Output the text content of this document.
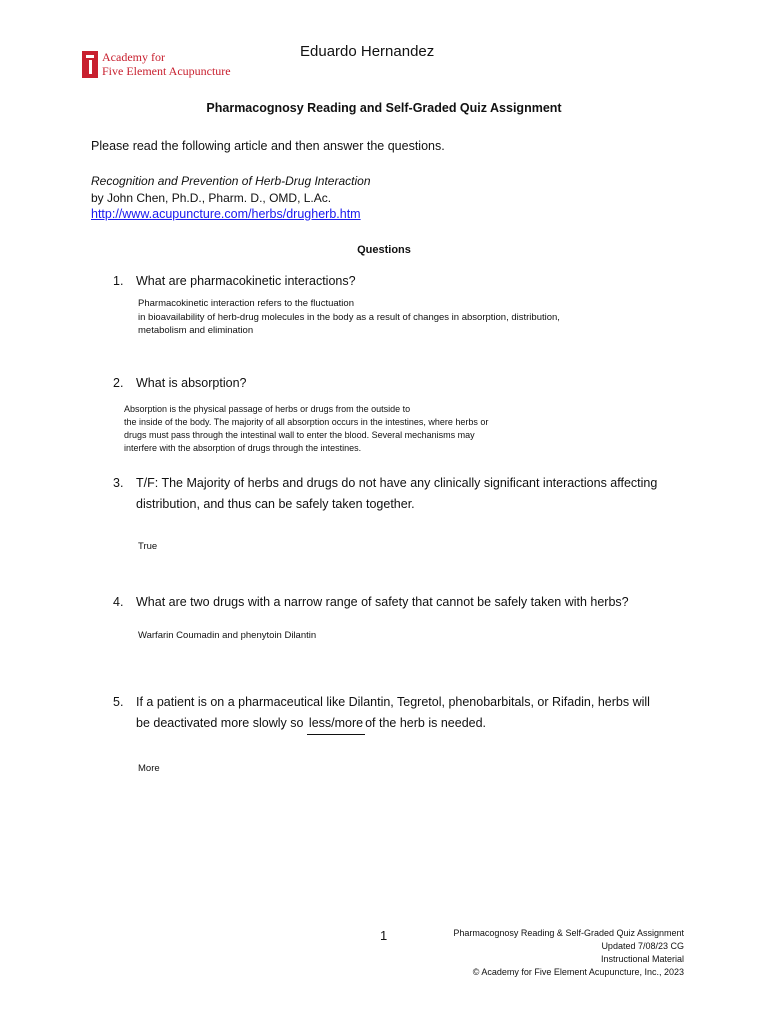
Academy for
Five Element Acupuncture
Eduardo Hernandez
Pharmacognosy Reading and Self-Graded Quiz Assignment
Please read the following article and then answer the questions.
Recognition and Prevention of Herb-Drug Interaction
by John Chen, Ph.D., Pharm. D., OMD, L.Ac.
http://www.acupuncture.com/herbs/drugherb.htm
Questions
1. What are pharmacokinetic interactions?
Pharmacokinetic interaction refers to the fluctuation
in bioavailability of herb-drug molecules in the body as a result of changes in absorption, distribution,
metabolism and elimination
2. What is absorption?
Absorption is the physical passage of herbs or drugs from the outside to
the inside of the body. The majority of all absorption occurs in the intestines, where herbs or
drugs must pass through the intestinal wall to enter the blood. Several mechanisms may
interfere with the absorption of drugs through the intestines.
3. T/F: The Majority of herbs and drugs do not have any clinically significant interactions affecting
distribution, and thus can be safely taken together.
True
4. What are two drugs with a narrow range of safety that cannot be safely taken with herbs?
Warfarin Coumadin and phenytoin Dilantin
5. If a patient is on a pharmaceutical like Dilantin, Tegretol, phenobarbitals, or Rifadin, herbs will
be deactivated more slowly so less/moreof the herb is needed.
More
1	Pharmacognosy Reading & Self-Graded Quiz Assignment
Updated 7/08/23 CG
Instructional Material
© Academy for Five Element Acupuncture, Inc., 2023
